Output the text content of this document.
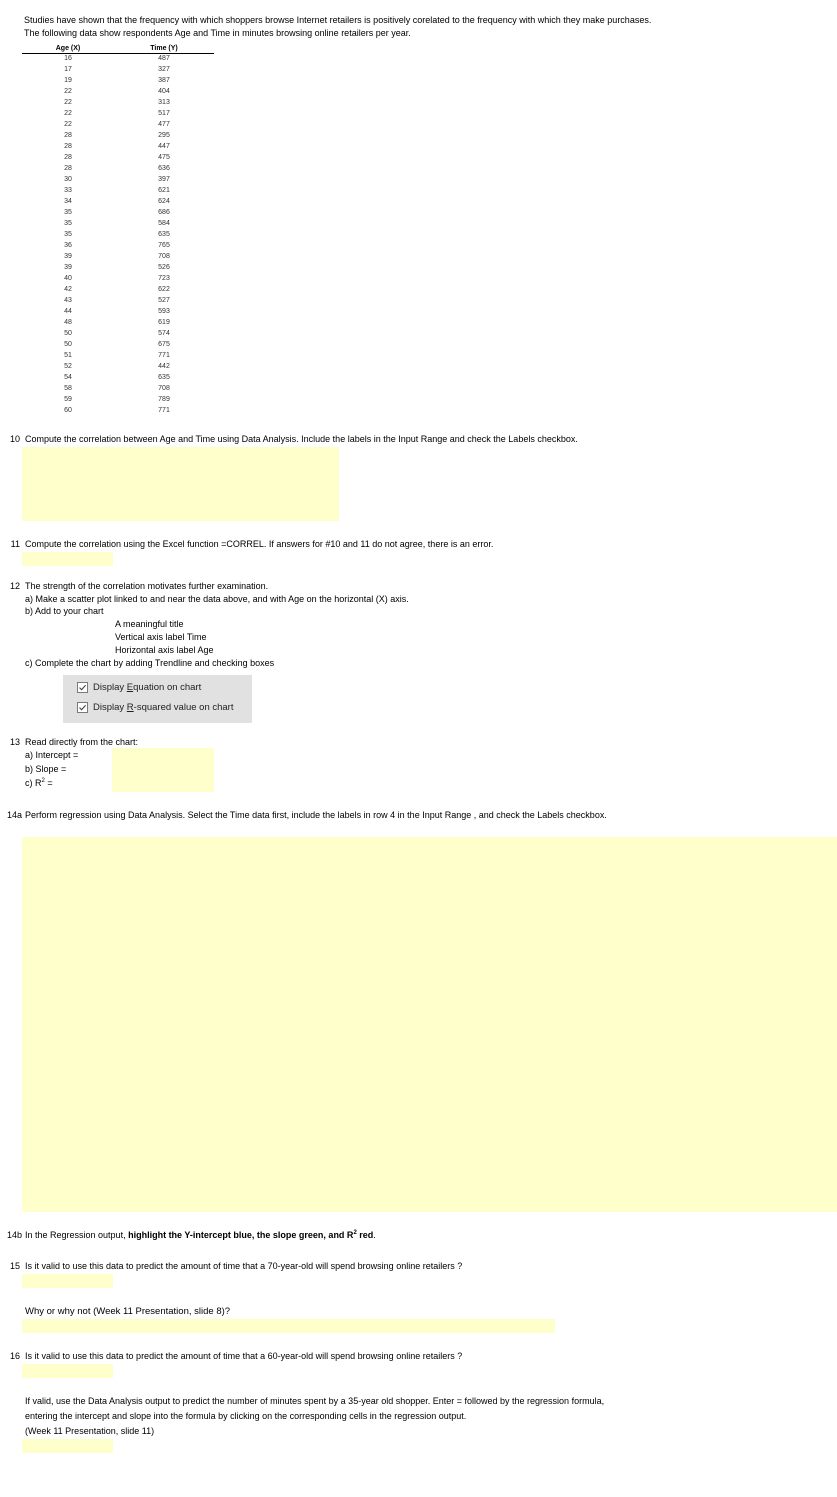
Studies have shown that the frequency with which shoppers browse Internet retailers is positively corelated to the frequency with which they make purchases.
The following data show respondents Age and Time in minutes browsing online retailers per year.
Age (X)	Time (Y)
16	487
17	327
19	387
22	404
22	313
22	517
22	477
28	295
28	447
28	475
28	636
30	397
33	621
34	624
35	686
35	584
35	635
36	765
39	708
39	526
40	723
42	622
43	527
44	593
48	619
50	574
50	675
51	771
52	442
54	635
58	708
59	789
60	771
10 Compute the correlation between Age and Time using Data Analysis. Include the labels in the Input Range and check the Labels checkbox.
11 Compute the correlation using the Excel function =CORREL. If answers for #10 and 11 do not agree, there is an error.
12 The strength of the correlation motivates further examination.
a) Make a scatter plot linked to and near the data above, and with Age on the horizontal (X) axis.
b) Add to your chart
A meaningful title
Vertical axis label Time
Horizontal axis label Age
c) Complete the chart by adding Trendline and checking boxes
Display Equation on chart
Display R-squared value on chart
13 Read directly from the chart:
a) Intercept =
b) Slope =
c) $R^2$ =
14a Perform regression using Data Analysis. Select the Time data first, include the labels in row 4 in the Input Range , and check the Labels checkbox.
14b In the Regression output, highlight the Y-intercept blue, the slope green, and $R^2$ red.
15 Is it valid to use this data to predict the amount of time that a 70-year-old will spend browsing online retailers ?
Why or why not (Week 11 Presentation, slide 8)?
16 Is it valid to use this data to predict the amount of time that a 60-year-old will spend browsing online retailers ?
If valid, use the Data Analysis output to predict the number of minutes spent by a 35-year old shopper. Enter = followed by the regression formula,
entering the intercept and slope into the formula by clicking on the corresponding cells in the regression output.
(Week 11 Presentation, slide 11)
